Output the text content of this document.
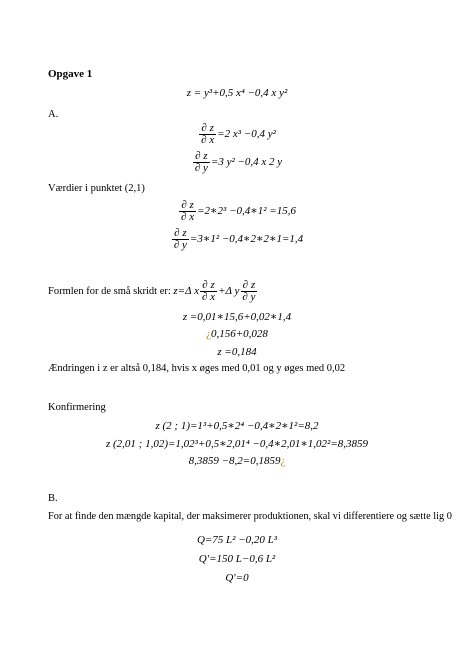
Opgave 1
z = y³+0,5 x⁴ −0,4 x y²
A.
$\frac{\partial z}{\partial x} =2$ x³ −0,4 y²
$\frac{\partial z}{\partial y} =3$ y² −0,4 x 2 y
Værdier i punktet (2,1)
$\frac{\partial z}{\partial x}$ =2∗2³ −0,4∗1² =15,6
$\frac{\partial z}{\partial y}$ =3∗1² −0,4∗2∗2∗1=1,4
Formlen for de små skridt er: z=Δ x $\frac{\partial z}{\partial x} +\Delta$ y $\frac{\partial z}{\partial y}$
z =0,01∗15,6+0,02∗1,4
¿0,156+0,028
z =0,184
Ændringen i z er altså 0,184, hvis x øges med 0,01 og y øges med 0,02
Konfirmering
z (2 ; 1)=1³+0,5∗2⁴ −0,4∗2∗1²=8,2
z (2,01 ; 1,02)=1,02³+0,5∗2,01⁴ −0,4∗2,01∗1,02²=8,3859
8,3859 −8,2=0,1859¿
B.
For at finde den mængde kapital, der maksimerer produktionen, skal vi differentiere og sætte lig 0
Q=75 L² −0,20 L³
Q′=150 L−0,6 L²
Q′=0
